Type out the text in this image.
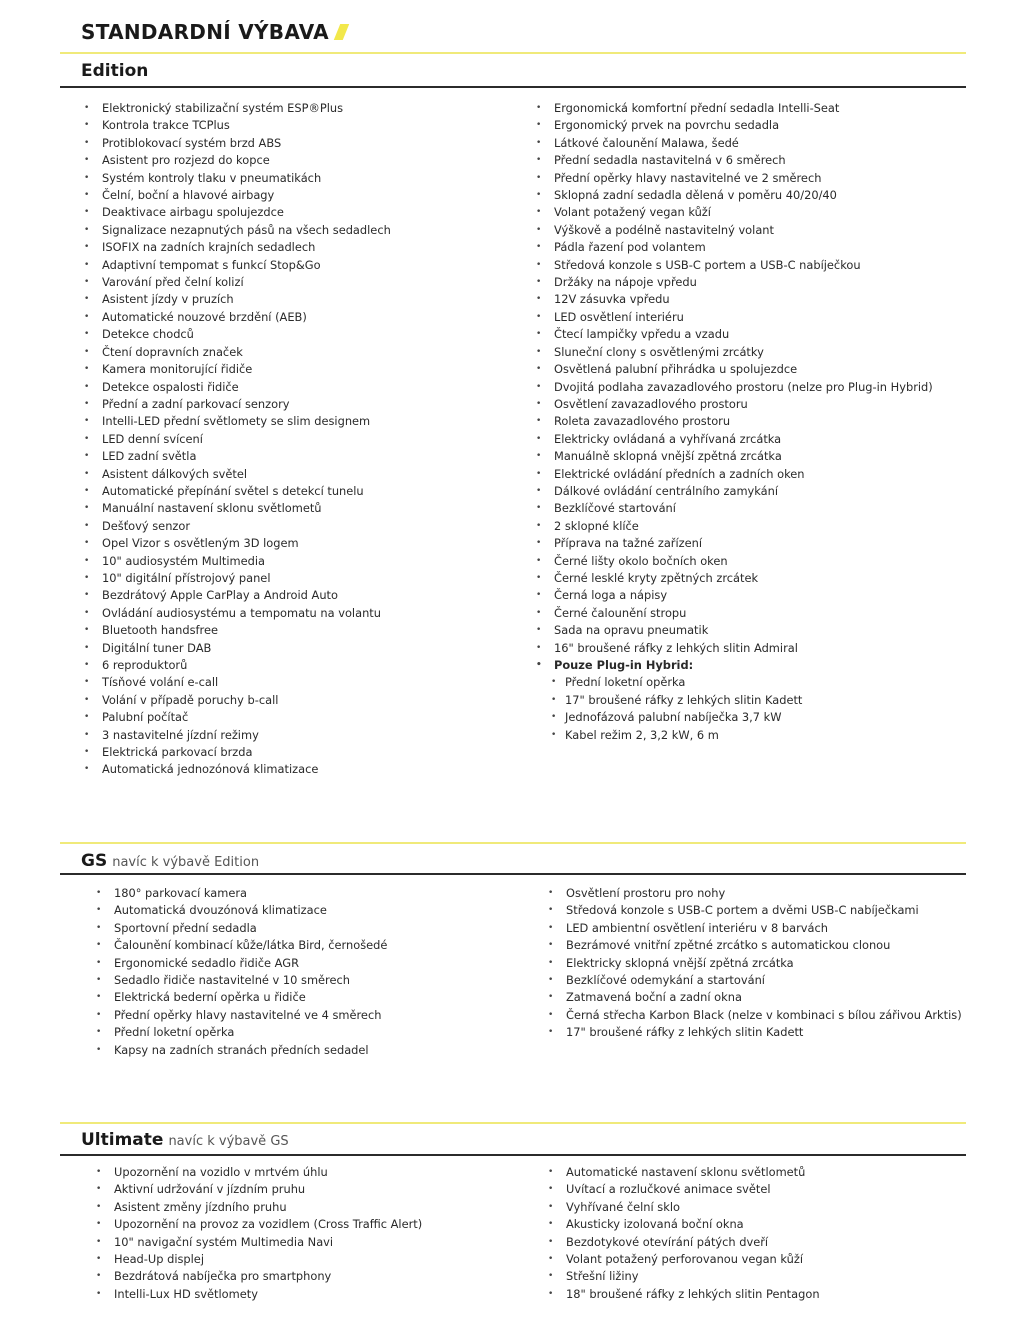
STANDARDNÍ VÝBAVA
Edition
• Elektronický stabilizační systém ESP®Plus
• Kontrola trakce TCPlus
• Protiblokovací systém brzd ABS
• Asistent pro rozjezd do kopce
• Systém kontroly tlaku v pneumatikách
• Čelní, boční a hlavové airbagy
• Deaktivace airbagu spolujezdce
• Signalizace nezapnutých pásů na všech sedadlech
• ISOFIX na zadních krajních sedadlech
• Adaptivní tempomat s funkcí Stop&Go
• Varování před čelní kolizí
• Asistent jízdy v pruzích
• Automatické nouzové brzdění (AEB)
• Detekce chodců
• Čtení dopravních značek
• Kamera monitorující řidiče
• Detekce ospalosti řidiče
• Přední a zadní parkovací senzory
• Intelli-LED přední světlomety se slim designem
• LED denní svícení
• LED zadní světla
• Asistent dálkových světel
• Automatické přepínání světel s detekcí tunelu
• Manuální nastavení sklonu světlometů
• Dešťový senzor
• Opel Vizor s osvětleným 3D logem
• 10" audiosystém Multimedia
• 10" digitální přístrojový panel
• Bezdrátový Apple CarPlay a Android Auto
• Ovládání audiosystému a tempomatu na volantu
• Bluetooth handsfree
• Digitální tuner DAB
• 6 reproduktorů
• Tísňové volání e-call
• Volání v případě poruchy b-call
• Palubní počítač
• 3 nastavitelné jízdní režimy
• Elektrická parkovací brzda
• Automatická jednozónová klimatizace
• Ergonomická komfortní přední sedadla Intelli-Seat
• Ergonomický prvek na povrchu sedadla
• Látkové čalounění Malawa, šedé
• Přední sedadla nastavitelná v 6 směrech
• Přední opěrky hlavy nastavitelné ve 2 směrech
• Sklopná zadní sedadla dělená v poměru 40/20/40
• Volant potažený vegan kůží
• Výškově a podélně nastavitelný volant
• Pádla řazení pod volantem
• Středová konzole s USB-C portem a USB-C nabíječkou
• Držáky na nápoje vpředu
• 12V zásuvka vpředu
• LED osvětlení interiéru
• Čtecí lampičky vpředu a vzadu
• Sluneční clony s osvětlenými zrcátky
• Osvětlená palubní přihrádka u spolujezdce
• Dvojitá podlaha zavazadlového prostoru (nelze pro Plug-in Hybrid)
• Osvětlení zavazadlového prostoru
• Roleta zavazadlového prostoru
• Elektricky ovládaná a vyhřívaná zrcátka
• Manuálně sklopná vnější zpětná zrcátka
• Elektrické ovládání předních a zadních oken
• Dálkové ovládání centrálního zamykání
• Bezklíčové startování
• 2 sklopné klíče
• Příprava na tažné zařízení
• Černé lišty okolo bočních oken
• Černé lesklé kryty zpětných zrcátek
• Černá loga a nápisy
• Černé čalounění stropu
• Sada na opravu pneumatik
• 16" broušené ráfky z lehkých slitin Admiral
• Pouze Plug-in Hybrid:
• Přední loketní opěrka
• 17" broušené ráfky z lehkých slitin Kadett
• Jednofázová palubní nabíječka 3,7 kW
• Kabel režim 2, 3,2 kW, 6 m
GS navíc k výbavě Edition
• 180° parkovací kamera
• Automatická dvouzónová klimatizace
• Sportovní přední sedadla
• Čalounění kombinací kůže/látka Bird, černošedé
• Ergonomické sedadlo řidiče AGR
• Sedadlo řidiče nastavitelné v 10 směrech
• Elektrická bederní opěrka u řidiče
• Přední opěrky hlavy nastavitelné ve 4 směrech
• Přední loketní opěrka
• Kapsy na zadních stranách předních sedadel
• Osvětlení prostoru pro nohy
• Středová konzole s USB-C portem a dvěmi USB-C nabíječkami
• LED ambientní osvětlení interiéru v 8 barvách
• Bezrámové vnitřní zpětné zrcátko s automatickou clonou
• Elektricky sklopná vnější zpětná zrcátka
• Bezklíčové odemykání a startování
• Zatmavená boční a zadní okna
• Černá střecha Karbon Black (nelze v kombinaci s bílou zářivou Arktis)
• 17" broušené ráfky z lehkých slitin Kadett
Ultimate navíc k výbavě GS
• Upozornění na vozidlo v mrtvém úhlu
• Aktivní udržování v jízdním pruhu
• Asistent změny jízdního pruhu
• Upozornění na provoz za vozidlem (Cross Traffic Alert)
• 10" navigační systém Multimedia Navi
• Head-Up displej
• Bezdrátová nabíječka pro smartphony
• Intelli-Lux HD světlomety
• Automatické nastavení sklonu světlometů
• Uvítací a rozlučkové animace světel
• Vyhřívané čelní sklo
• Akusticky izolovaná boční okna
• Bezdotykové otevírání pátých dveří
• Volant potažený perforovanou vegan kůží
• Střešní ližiny
• 18" broušené ráfky z lehkých slitin Pentagon
